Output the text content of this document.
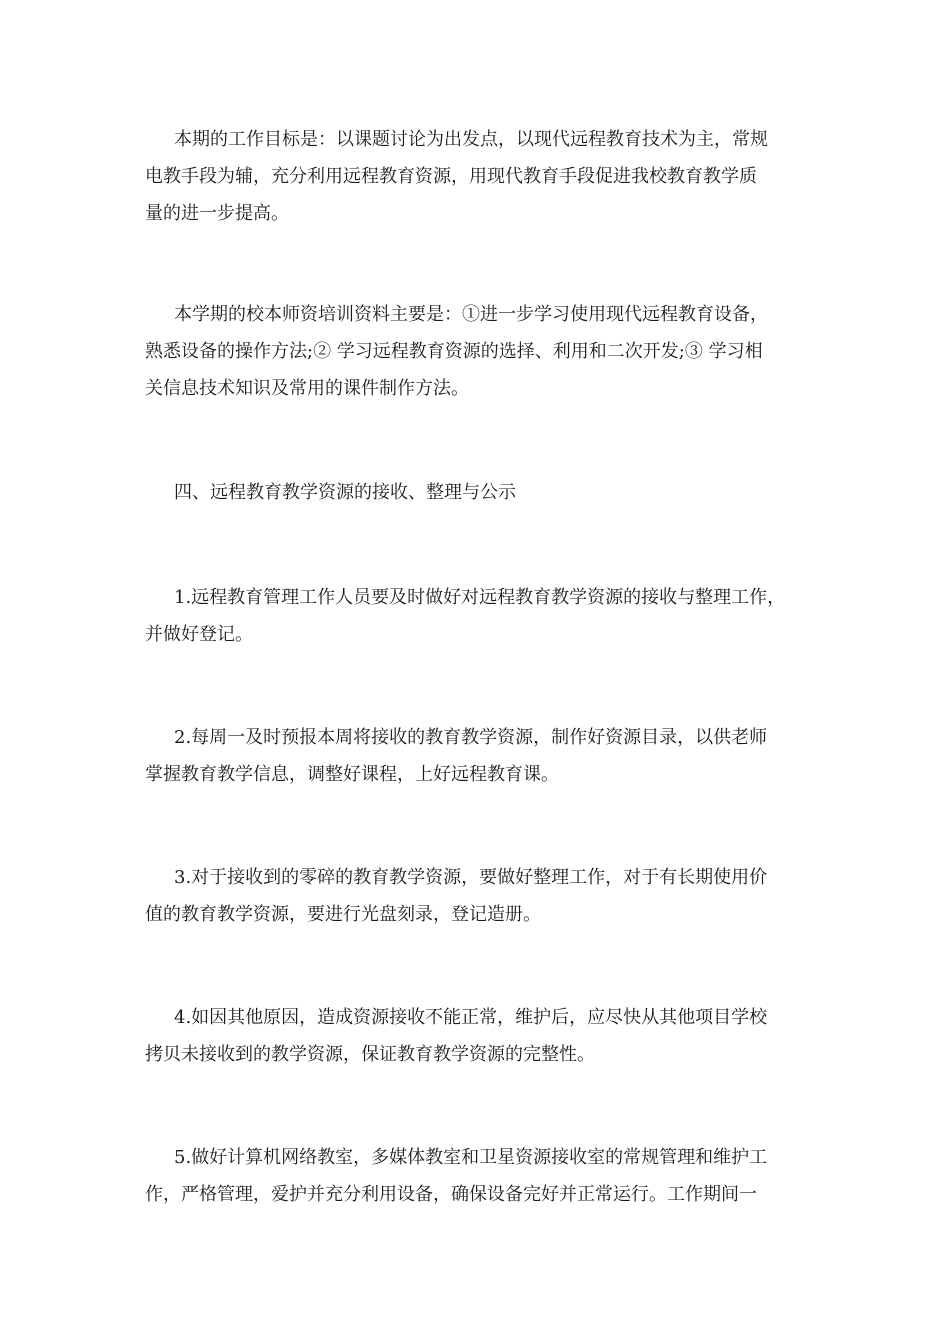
本期的工作目标是：以课题讨论为出发点，以现代远程教育技术为主，常规
电教手段为辅，充分利用远程教育资源，用现代教育手段促进我校教育教学质
量的进一步提高。
本学期的校本师资培训资料主要是：①进一步学习使用现代远程教育设备，
熟悉设备的操作方法;② 学习远程教育资源的选择、利用和二次开发;③ 学习相
关信息技术知识及常用的课件制作方法。
四、远程教育教学资源的接收、整理与公示
1.远程教育管理工作人员要及时做好对远程教育教学资源的接收与整理工作，
并做好登记。
2.每周一及时预报本周将接收的教育教学资源，制作好资源目录，以供老师
掌握教育教学信息，调整好课程，上好远程教育课。
3.对于接收到的零碎的教育教学资源，要做好整理工作，对于有长期使用价
值的教育教学资源，要进行光盘刻录，登记造册。
4.如因其他原因，造成资源接收不能正常，维护后，应尽快从其他项目学校
拷贝未接收到的教学资源，保证教育教学资源的完整性。
5.做好计算机网络教室，多媒体教室和卫星资源接收室的常规管理和维护工
作，严格管理，爱护并充分利用设备，确保设备完好并正常运行。工作期间一
